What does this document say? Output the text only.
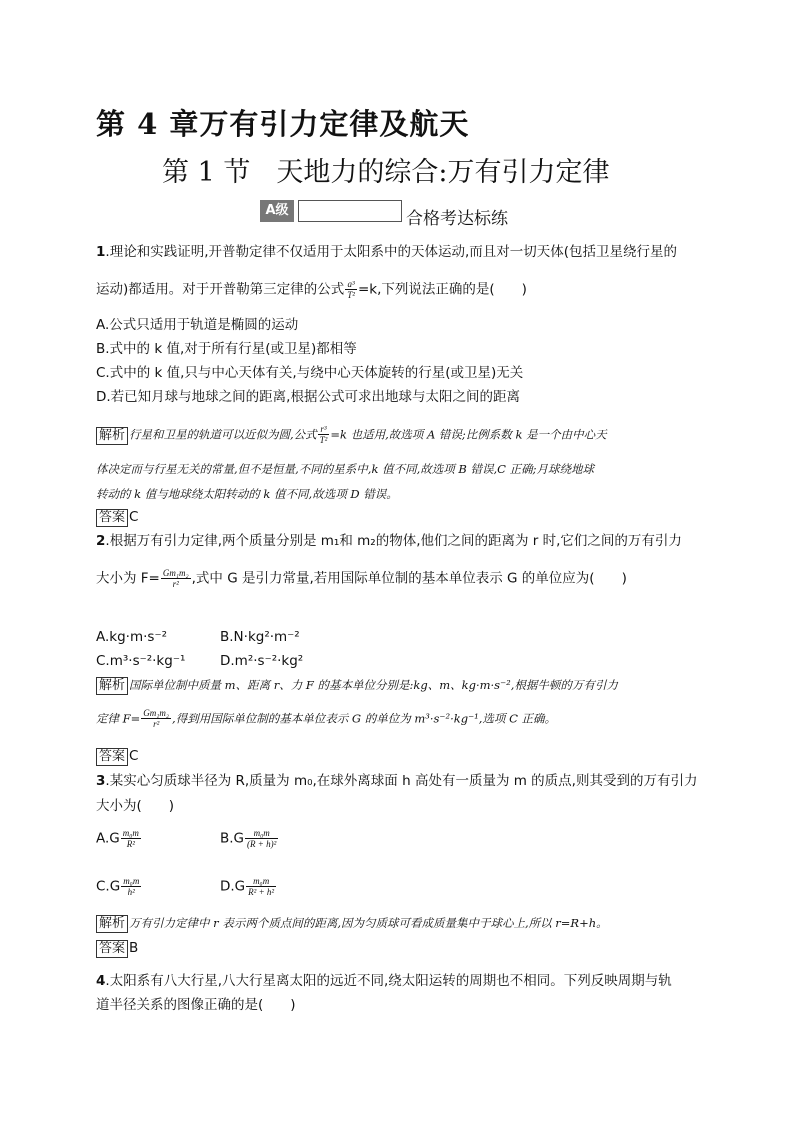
第 4 章万有引力定律及航天
第 1 节 天地力的综合:万有引力定律
A级	合格考达标练
1.理论和实践证明,开普勒定律不仅适用于太阳系中的天体运动,而且对一切天体(包括卫星绕行星的
运动)都适用。对于开普勒第三定律的公式 $\frac{\text{a³}}{\text{T²}} =k$,下列说法正确的是(　　)
A.公式只适用于轨道是椭圆的运动
B.式中的 k 值,对于所有行星(或卫星)都相等
C.式中的 k 值,只与中心天体有关,与绕中心天体旋转的行星(或卫星)无关
D.若已知月球与地球之间的距离,根据公式可求出地球与太阳之间的距离
解析 行星和卫星的轨道可以近似为圆,公式 $\frac{\text{r³}}{\text{T²}} =k$ 也适用,故选项 A 错误;比例系数 k 是一个由中心天
体决定而与行星无关的常量,但不是恒量,不同的星系中,k 值不同,故选项 B 错误,C 正确;月球绕地球
转动的 k 值与地球绕太阳转动的 k 值不同,故选项 D 错误。
答案 C
2.根据万有引力定律,两个质量分别是 m₁和 m₂的物体,他们之间的距离为 r 时,它们之间的万有引力
大小为 $F= \frac{\text{Gm₁m₂}}{\text{r²}}$ ,式中 G 是引力常量,若用国际单位制的基本单位表示 G 的单位应为(　　)
A.kg·m·s⁻²	B.N·kg²·m⁻²
C.m³·s⁻²·kg⁻¹	D.m²·s⁻²·kg²
解析 国际单位制中质量 m、距离 r、力 F 的基本单位分别是:kg、m、kg·m·s⁻²,根据牛顿的万有引力
定律 $F= \frac{\text{Gm₁m₂}}{\text{r²}}$ ,得到用国际单位制的基本单位表示 G 的单位为 m³·s⁻²·kg⁻¹,选项 C 正确。
答案 C
3.某实心匀质球半径为 R,质量为 m₀,在球外离球面 h 高处有一质量为 m 的质点,则其受到的万有引力
大小为(　　)
$A.G \frac{\text{m₀m}}{\text{R²}}$	$B.G \frac{\text{m₀m}}{\text{(R + h)²}}$
$C.G \frac{\text{m₀m}}{\text{h²}}$	$D.G \frac{\text{m₀m}}{\text{R² + h²}}$
解析 万有引力定律中 r 表示两个质点间的距离,因为匀质球可看成质量集中于球心上,所以 r=R+h。
答案 B
4.太阳系有八大行星,八大行星离太阳的远近不同,绕太阳运转的周期也不相同。下列反映周期与轨
道半径关系的图像正确的是(　　)
